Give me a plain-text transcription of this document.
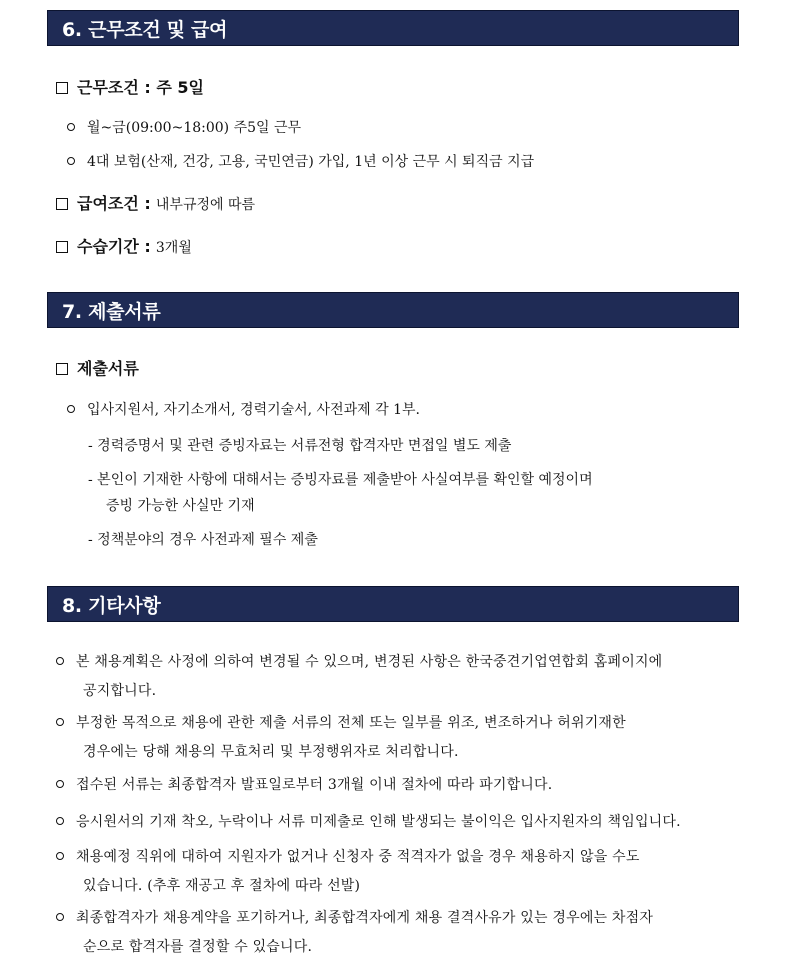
6. 근무조건 및 급여
근무조건 : 주 5일
월~금(09:00~18:00) 주5일 근무
4대 보험(산재, 건강, 고용, 국민연금) 가입, 1년 이상 근무 시 퇴직금 지급
급여조건 : 내부규정에 따름
수습기간 : 3개월
7. 제출서류
제출서류
입사지원서, 자기소개서, 경력기술서, 사전과제 각 1부.
- 경력증명서 및 관련 증빙자료는 서류전형 합격자만 면접일 별도 제출
- 본인이 기재한 사항에 대해서는 증빙자료를 제출받아 사실여부를 확인할 예정이며
증빙 가능한 사실만 기재
- 정책분야의 경우 사전과제 필수 제출
8. 기타사항
본 채용계획은 사정에 의하여 변경될 수 있으며, 변경된 사항은 한국중견기업연합회 홈페이지에
공지합니다.
부정한 목적으로 채용에 관한 제출 서류의 전체 또는 일부를 위조, 변조하거나 허위기재한
경우에는 당해 채용의 무효처리 및 부정행위자로 처리합니다.
접수된 서류는 최종합격자 발표일로부터 3개월 이내 절차에 따라 파기합니다.
응시원서의 기재 착오, 누락이나 서류 미제출로 인해 발생되는 불이익은 입사지원자의 책임입니다.
채용예정 직위에 대하여 지원자가 없거나 신청자 중 적격자가 없을 경우 채용하지 않을 수도
있습니다. (추후 재공고 후 절차에 따라 선발)
최종합격자가 채용계약을 포기하거나, 최종합격자에게 채용 결격사유가 있는 경우에는 차점자
순으로 합격자를 결정할 수 있습니다.
